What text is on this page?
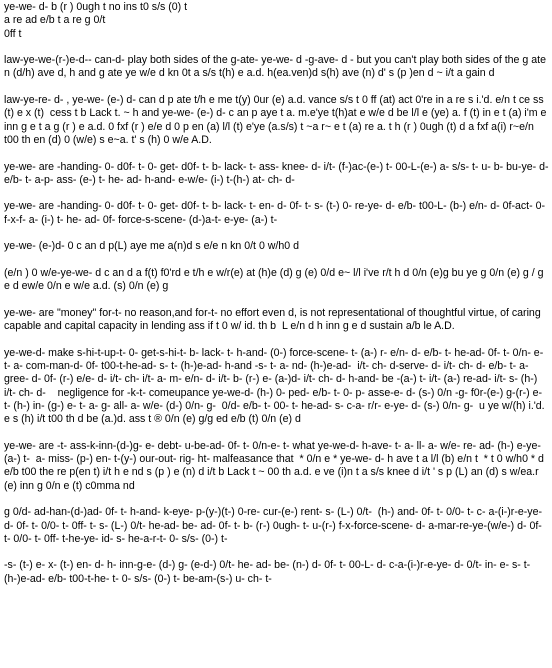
ye-we- d- b (r ) 0ugh t no ins t0 s/s (0) t
a re ad e/b t a re g 0/t
0ff t

law-ye-we-(r-)e-d-- can-d- play both sides of the g-ate- ye-we- d -g-ave- d - but you can't play both sides of the g ate n (d/h) ave d, h and g ate ye w/e d kn 0t a s/s t(h) e a.d. h(ea.ven)d s(h) ave (n) d' s (p )en d ~ i/t a gain d

law-ye-re- d- , ye-we- (e-) d- can d p ate t/h e me t(y) 0ur (e) a.d. vance s/s t 0 ff (at) act 0're in a re s i.'d. e/n t ce ss (t) e x (t)  cess t b Lack t. ~ h and ye-we- (e-) d- c an p aye t a. m.e'ye t(h)at e w/e d be l/l e (ye) a. f (t) in e t (a) i'm e inn g e t a g (r ) e a.d. 0 fxf (r ) e/e d 0 p en (a) l/l (t) e'ye (a.s/s) t ~a r~ e t (a) re a. t h (r ) 0ugh (t) d a fxf a(i) r~e/n t00 th en (d) 0 (w/e) s e~a. t' s (h) 0 w/e A.D.

ye-we- are -handing- 0- d0f- t- 0- get- d0f- t- b- lack- t- ass- knee- d- i/t- (f-)ac-(e-) t- 00-L-(e-) a- s/s- t- u- b- bu-ye- d- e/b- t- a-p- ass- (e-) t- he- ad- h-and- e-w/e- (i-) t-(h-) at- ch- d-

ye-we- are -handing- 0- d0f- t- 0- get- d0f- t- b- lack- t- en- d- 0f- t- s- (t-) 0- re-ye- d- e/b- t00-L- (b-) e/n- d- 0f-act- 0-f-x-f- a- (i-) t- he- ad- 0f- force-s-scene- (d-)a-t- e-ye- (a-) t-

ye-we- (e-)d- 0 c an d p(L) aye me a(n)d s e/e n kn 0/t 0 w/h0 d

(e/n ) 0 w/e-ye-we- d c an d a f(t) f0'rd e t/h e w/r(e) at (h)e (d) g (e) 0/d e~ l/l i've r/t h d 0/n (e)g bu ye g 0/n (e) g / g e d ew/e 0/n e w/e a.d. (s) 0/n (e) g

ye-we- are "money" for-t- no reason,and for-t- no effort even d, is not representational of thoughtful virtue, of caring capable and capital capacity in lending ass if t 0 w/ id. th b  L e/n d h inn g e d sustain a/b le A.D.

ye-we-d- make s-hi-t-up-t- 0- get-s-hi-t- b- lack- t- h-and- (0-) force-scene- t- (a-) r- e/n- d- e/b- t- he-ad- 0f- t- 0/n- e- t- a- com-man-d- 0f- t00-t-he-ad- s- t- (h-)e-ad- h-and -s- t- a- nd- (h-)e-ad-  i/t- ch- d-serve- d- i/t- ch- d- e/b- t- a-gree- d- 0f- (r-) e/e- d- i/t- ch- i/t- a- m- e/n- d- i/t- b- (r-) e- (a-)d- i/t- ch- d- h-and- be -(a-) t- i/t- (a-) re-ad- i/t- s- (h-) i/t- ch- d-    negligence for -k-t- comeupance ye-we-d- (h-) 0- ped- e/b- t- 0- p- asse-e- d- (s-) 0/n -g- f0r-(e-) g-(r-) e- t- (h-) in- (g-) e- t- a- g- all- a- w/e- (d-) 0/n- g-  0/d- e/b- t- 00- t- he-ad- s- c-a- r/r- e-ye- d- (s-) 0/n- g-  u ye w/(h) i.'d. e s (h) i/t t00 th d be (a.)d. ass t ® 0/n (e) g/g ed e/b (t) 0/n (e) d

ye-we- are -t- ass-k-inn-(d-)g- e- debt- u-be-ad- 0f- t- 0/n-e- t- what ye-we-d- h-ave- t- a- ll- a- w/e- re- ad- (h-) e-ye- (a-) t-  a- miss- (p-) en- t-(y-) our-out- rig- ht- malfeasance that  * 0/n e * ye-we- d- h ave t a l/l (b) e/n t  * t 0 w/h0 * d e/b t00 the re p(en t) i/t h e nd s (p ) e (n) d i/t b Lack t ~ 00 th a.d. e ve (i)n t a s/s knee d i/t ' s p (L) an (d) s w/ea.r (e) inn g 0/n e (t) c0mma nd

g 0/d- ad-han-(d-)ad- 0f- t- h-and- k-eye- p-(y-)(t-) 0-re- cur-(e-) rent- s- (L-) 0/t-  (h-) and- 0f- t- 0/0- t- c- a-(i-)r-e-ye- d- 0f- t- 0/0- t- 0ff- t- s- (L-) 0/t- he-ad- be- ad- 0f- t- b- (r-) 0ugh- t- u-(r-) f-x-force-scene- d- a-mar-re-ye-(w/e-) d- 0f- t- 0/0- t- 0ff- t-he-ye- id- s- he-a-r-t- 0- s/s- (0-) t-

-s- (t-) e- x- (t-) en- d- h- inn-g-e- (d-) g- (e-d-) 0/t- he- ad- be- (n-) d- 0f- t- 00-L- d- c-a-(i-)r-e-ye- d- 0/t- in- e- s- t- (h-)e-ad- e/b- t00-t-he- t- 0- s/s- (0-) t- be-am-(s-) u- ch- t-
